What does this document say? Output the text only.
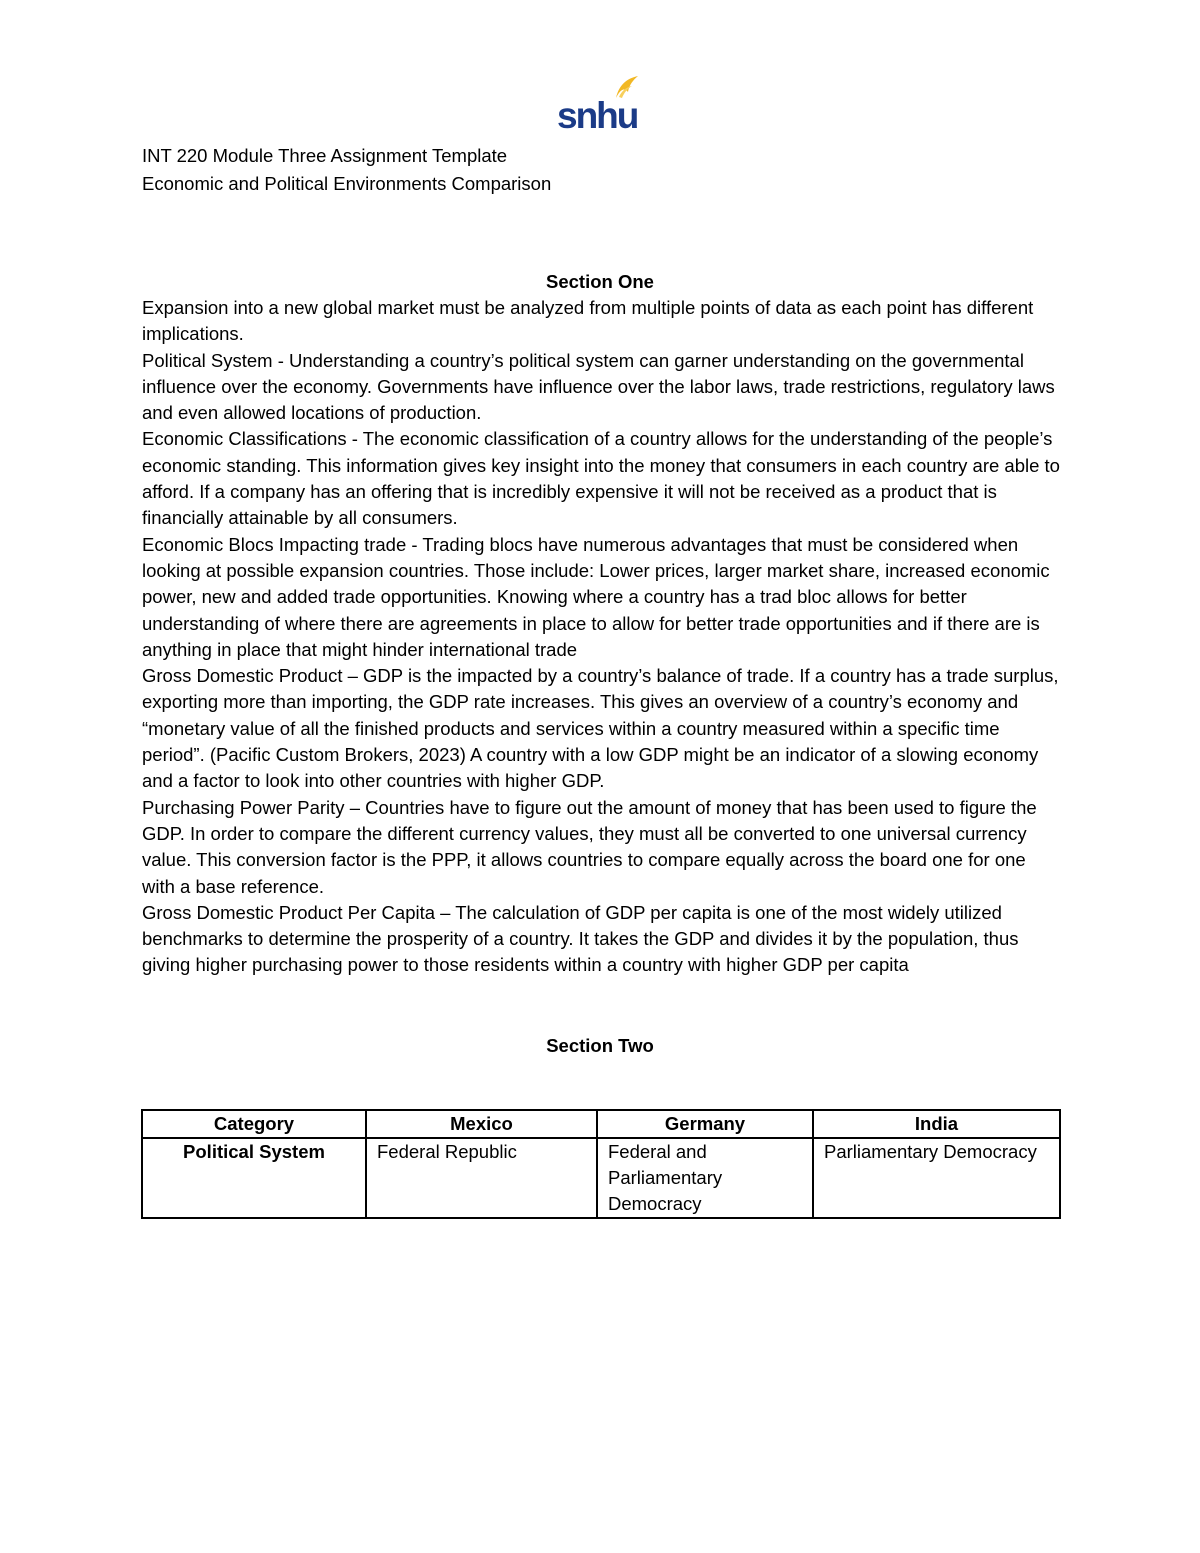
snhu
INT 220 Module Three Assignment Template
Economic and Political Environments Comparison
Section One

Expansion into a new global market must be analyzed from multiple points of data as each point has different implications.

Political System - Understanding a country’s political system can garner understanding on the governmental influence over the economy. Governments have influence over the labor laws, trade restrictions, regulatory laws and even allowed locations of production.

Economic Classifications - The economic classification of a country allows for the understanding of the people’s economic standing. This information gives key insight into the money that consumers in each country are able to afford. If a company has an offering that is incredibly expensive it will not be received as a product that is financially attainable by all consumers.

Economic Blocs Impacting trade - Trading blocs have numerous advantages that must be considered when looking at possible expansion countries. Those include: Lower prices, larger market share, increased economic power, new and added trade opportunities. Knowing where a country has a trad bloc allows for better understanding of where there are agreements in place to allow for better trade opportunities and if there are is anything in place that might hinder international trade

Gross Domestic Product – GDP is the impacted by a country’s balance of trade. If a country has a trade surplus, exporting more than importing, the GDP rate increases. This gives an overview of a country’s economy and “monetary value of all the finished products and services within a country measured within a specific time period”. (Pacific Custom Brokers, 2023) A country with a low GDP might be an indicator of a slowing economy and a factor to look into other countries with higher GDP.

Purchasing Power Parity – Countries have to figure out the amount of money that has been used to figure the GDP. In order to compare the different currency values, they must all be converted to one universal currency value. This conversion factor is the PPP, it allows countries to compare equally across the board one for one with a base reference.

Gross Domestic Product Per Capita – The calculation of GDP per capita is one of the most widely utilized benchmarks to determine the prosperity of a country. It takes the GDP and divides it by the population, thus giving higher purchasing power to those residents within a country with higher GDP per capita

Section Two
Category	Mexico	Germany	India
Political System	Federal Republic	Federal and Parliamentary Democracy	Parliamentary Democracy
